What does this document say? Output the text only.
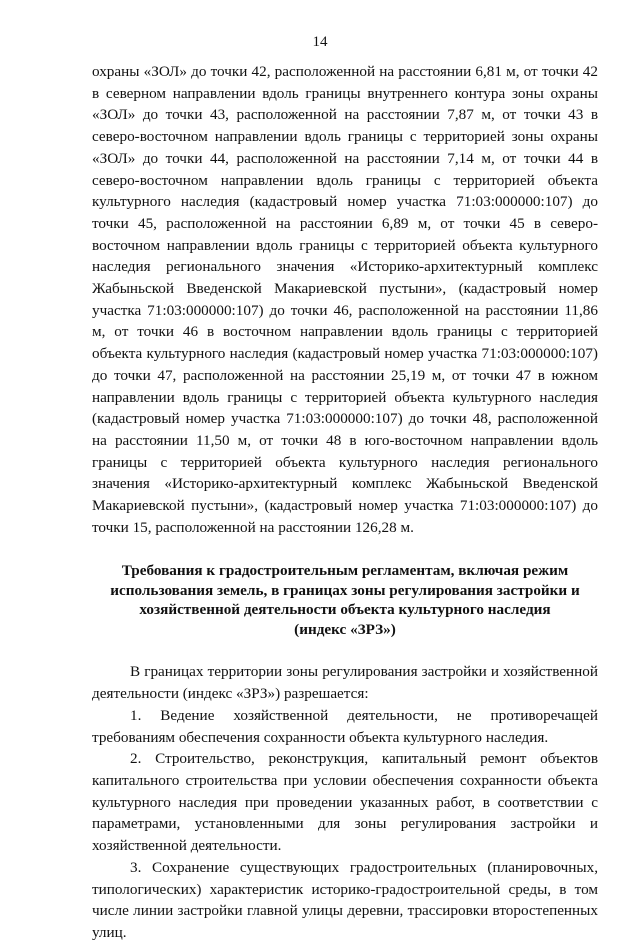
14

охраны «ЗОЛ» до точки 42, расположенной на расстоянии 6,81 м, от точки 42 в северном направлении вдоль границы внутреннего контура зоны охраны «ЗОЛ» до точки 43, расположенной на расстоянии 7,87 м, от точки 43 в северо-восточном направлении вдоль границы с территорией зоны охраны «ЗОЛ» до точки 44, расположенной на расстоянии 7,14 м, от точки 44 в северо-восточном направлении вдоль границы с территорией объекта культурного наследия (кадастровый номер участка 71:03:000000:107) до точки 45, расположенной на расстоянии 6,89 м, от точки 45 в северо-восточном направлении вдоль границы с территорией объекта культурного наследия регионального значения «Историко-архитектурный комплекс Жабыньской Введенской Макариевской пустыни», (кадастровый номер участка 71:03:000000:107) до точки 46, расположенной на расстоянии 11,86 м, от точки 46 в восточном направлении вдоль границы с территорией объекта культурного наследия (кадастровый номер участка 71:03:000000:107) до точки 47, расположенной на расстоянии 25,19 м, от точки 47 в южном направлении вдоль границы с территорией объекта культурного наследия (кадастровый номер участка 71:03:000000:107) до точки 48, расположенной на расстоянии 11,50 м, от точки 48 в юго-восточном направлении вдоль границы с территорией объекта культурного наследия регионального значения «Историко-архитектурный комплекс Жабыньской Введенской Макариевской пустыни», (кадастровый номер участка 71:03:000000:107) до точки 15, расположенной на расстоянии 126,28 м.

Требования к градостроительным регламентам, включая режим
использования земель, в границах зоны регулирования застройки и
хозяйственной деятельности объекта культурного наследия
(индекс «ЗРЗ»)

В границах территории зоны регулирования застройки и хозяйственной деятельности (индекс «ЗРЗ») разрешается:

1. Ведение хозяйственной деятельности, не противоречащей требованиям обеспечения сохранности объекта культурного наследия.

2. Строительство, реконструкция, капитальный ремонт объектов капитального строительства при условии обеспечения сохранности объекта культурного наследия при проведении указанных работ, в соответствии с параметрами, установленными для зоны регулирования застройки и хозяйственной деятельности.

3. Сохранение существующих градостроительных (планировочных, типологических) характеристик историко-градостроительной среды, в том числе линии застройки главной улицы деревни, трассировки второстепенных улиц.
